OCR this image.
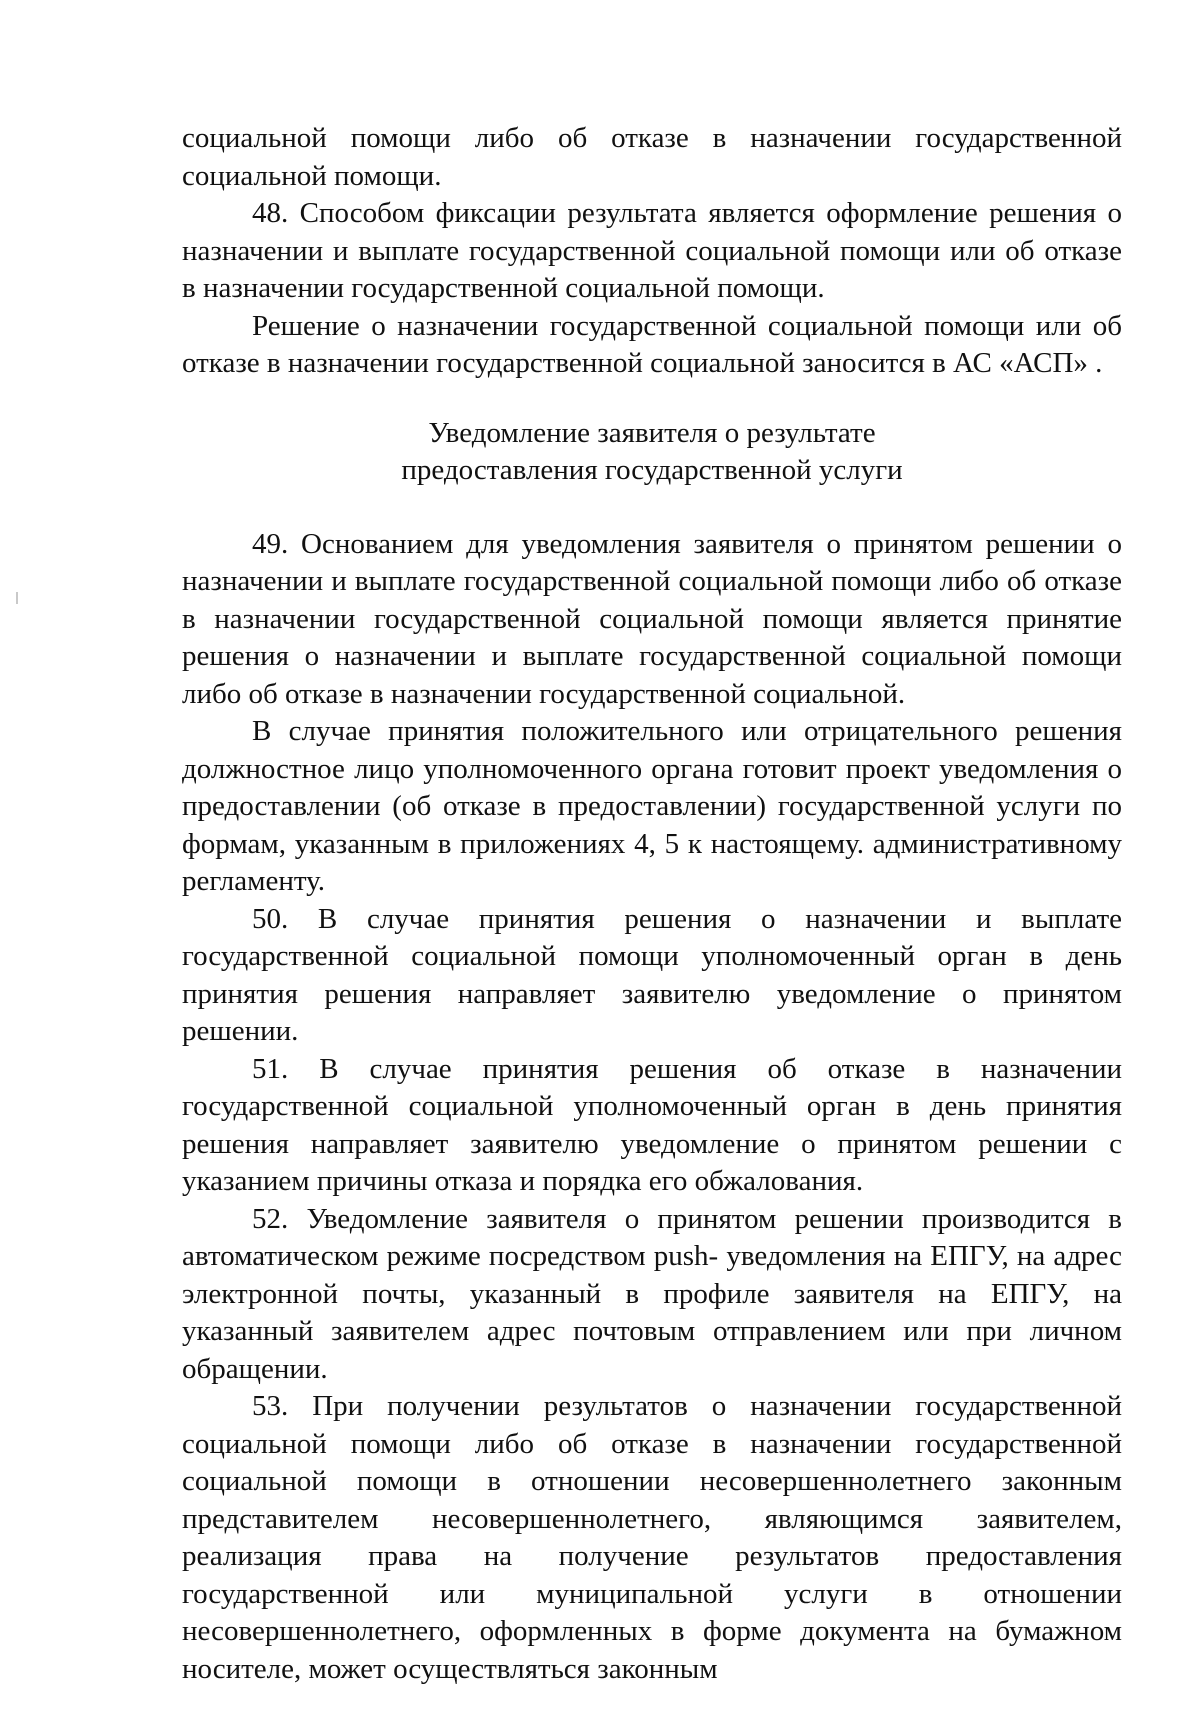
социальной помощи либо об отказе в назначении государственной социальной помощи.

48. Способом фиксации результата является оформление решения о назначении и выплате государственной социальной помощи или об отказе в назначении государственной социальной помощи.

Решение о назначении государственной социальной помощи или об отказе в назначении государственной социальной заносится в АС «АСП» .

Уведомление заявителя о результате
предоставления государственной услуги

49. Основанием для уведомления заявителя о принятом решении о назначении и выплате государственной социальной помощи либо об отказе в назначении государственной социальной помощи является принятие решения о назначении и выплате государственной социальной помощи либо об отказе в назначении государственной социальной.

В случае принятия положительного или отрицательного решения должностное лицо уполномоченного органа готовит проект уведомления о предоставлении (об отказе в предоставлении) государственной услуги по формам, указанным в приложениях 4, 5 к настоящему. административному регламенту.

50. В случае принятия решения о назначении и выплате государственной социальной помощи уполномоченный орган в день принятия решения направляет заявителю уведомление о принятом решении.

51. В случае принятия решения об отказе в назначении государственной социальной уполномоченный орган в день принятия решения направляет заявителю уведомление о принятом решении с указанием причины отказа и порядка его обжалования.

52. Уведомление заявителя о принятом решении производится в автоматическом режиме посредством push- уведомления на ЕПГУ, на адрес электронной почты, указанный в профиле заявителя на ЕПГУ, на указанный заявителем адрес почтовым отправлением или при личном обращении.

53. При получении результатов о назначении государственной социальной помощи либо об отказе в назначении государственной социальной помощи в отношении несовершеннолетнего законным представителем несовершеннолетнего, являющимся заявителем, реализация права на получение результатов предоставления государственной или муниципальной услуги в отношении несовершеннолетнего, оформленных в форме документа на бумажном носителе, может осуществляться законным
